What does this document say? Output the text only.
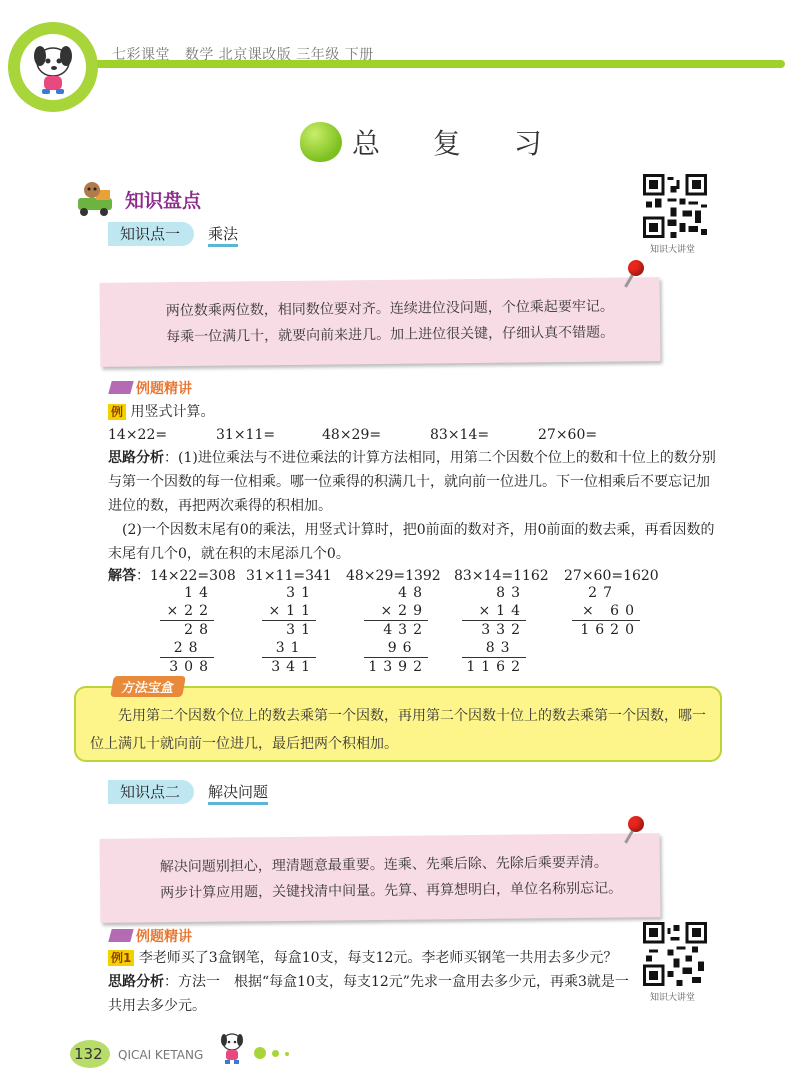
七彩课堂 数学 北京课改版 三年级 下册
总 复 习
知识盘点
知识大讲堂
知识点一	乘法
两位数乘两位数，相同数位要对齐。连续进位没问题，个位乘起要牢记。
每乘一位满几十，就要向前来进几。加上进位很关键，仔细认真不错题。
例题精讲
例 用竖式计算。
14×22=	31×11=	48×29=	83×14=	27×60=
思路分析：(1)进位乘法与不进位乘法的计算方法相同，用第二个因数个位上的数和十位上的数分别与第一个因数的每一位相乘。哪一位乘得的积满几十，就向前一位进几。下一位相乘后不要忘记加进位的数，再把两次乘得的积相加。
(2)一个因数末尾有0的乘法，用竖式计算时，把0前面的数对齐，用0前面的数去乘，再看因数的末尾有几个0，就在积的末尾添几个0。
解答：14×22=308 31×11=341 48×29=1392 83×14=1162 27×60=1620
14
×22
28
28
308
31
×11
31
31
341
48
×29
432
96
1392
83
×14
332
83
1162
27
× 60
1620
先用第二个因数个位上的数去乘第一个因数，再用第二个因数十位上的数去乘第一个因数，哪一位上满几十就向前一位进几，最后把两个积相加。
方法宝盒
知识点二	解决问题
解决问题别担心，理清题意最重要。连乘、先乘后除、先除后乘要弄清。
两步计算应用题，关键找清中间量。先算、再算想明白，单位名称别忘记。
例题精讲
例1 李老师买了3盒钢笔，每盒10支，每支12元。李老师买钢笔一共用去多少元？
思路分析：方法一　根据“每盒10支，每支12元”先求一盒用去多少元，再乘3就是一共用去多少元。	知识大讲堂
132 QICAI KETANG
